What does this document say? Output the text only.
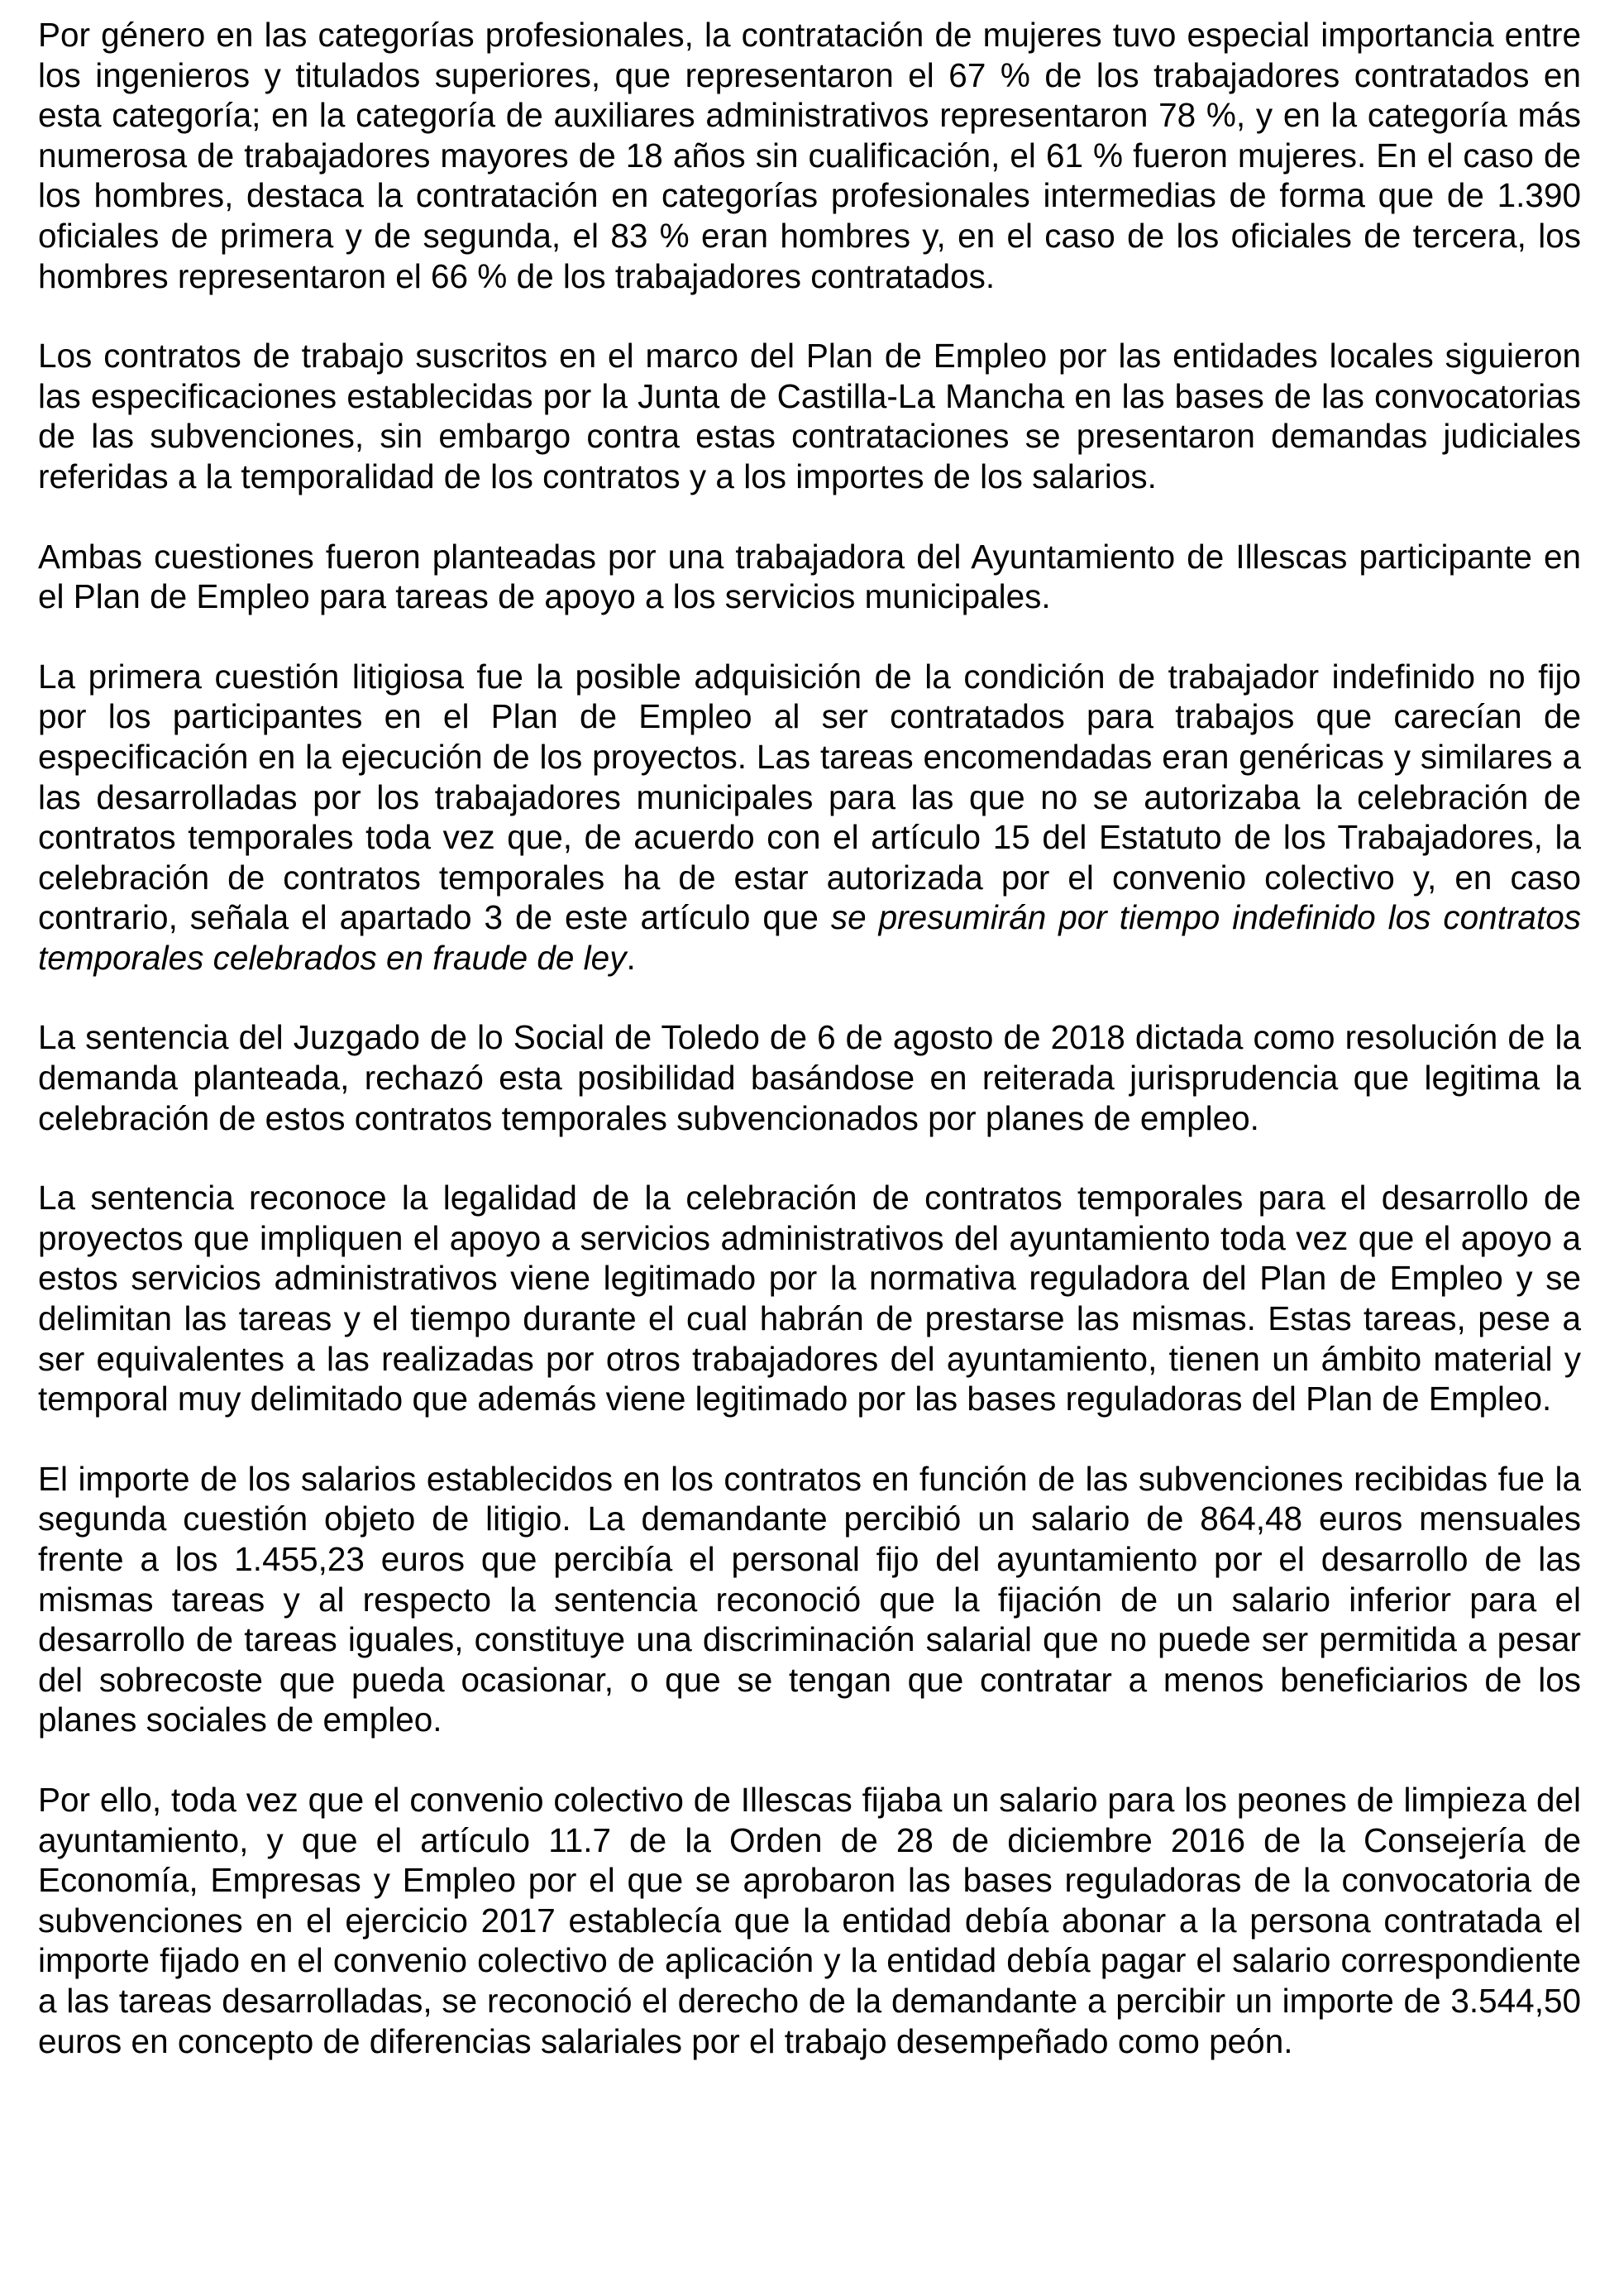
Por género en las categorías profesionales, la contratación de mujeres tuvo especial importancia entre los ingenieros y titulados superiores, que representaron el 67 % de los trabajadores contratados en esta categoría; en la categoría de auxiliares administrativos representaron 78 %, y en la categoría más numerosa de trabajadores mayores de 18 años sin cualificación, el 61 % fueron mujeres. En el caso de los hombres, destaca la contratación en categorías profesionales intermedias de forma que de 1.390 oficiales de primera y de segunda, el 83 % eran hombres y, en el caso de los oficiales de tercera, los hombres representaron el 66 % de los trabajadores contratados.

Los contratos de trabajo suscritos en el marco del Plan de Empleo por las entidades locales siguieron las especificaciones establecidas por la Junta de Castilla-La Mancha en las bases de las convocatorias de las subvenciones, sin embargo contra estas contrataciones se presentaron demandas judiciales referidas a la temporalidad de los contratos y a los importes de los salarios.

Ambas cuestiones fueron planteadas por una trabajadora del Ayuntamiento de Illescas participante en el Plan de Empleo para tareas de apoyo a los servicios municipales.

La primera cuestión litigiosa fue la posible adquisición de la condición de trabajador indefinido no fijo por los participantes en el Plan de Empleo al ser contratados para trabajos que carecían de especificación en la ejecución de los proyectos. Las tareas encomendadas eran genéricas y similares a las desarrolladas por los trabajadores municipales para las que no se autorizaba la celebración de contratos temporales toda vez que, de acuerdo con el artículo 15 del Estatuto de los Trabajadores, la celebración de contratos temporales ha de estar autorizada por el convenio colectivo y, en caso contrario, señala el apartado 3 de este artículo que se presumirán por tiempo indefinido los contratos temporales celebrados en fraude de ley.

La sentencia del Juzgado de lo Social de Toledo de 6 de agosto de 2018 dictada como resolución de la demanda planteada, rechazó esta posibilidad basándose en reiterada jurisprudencia que legitima la celebración de estos contratos temporales subvencionados por planes de empleo.

La sentencia reconoce la legalidad de la celebración de contratos temporales para el desarrollo de proyectos que impliquen el apoyo a servicios administrativos del ayuntamiento toda vez que el apoyo a estos servicios administrativos viene legitimado por la normativa reguladora del Plan de Empleo y se delimitan las tareas y el tiempo durante el cual habrán de prestarse las mismas. Estas tareas, pese a ser equivalentes a las realizadas por otros trabajadores del ayuntamiento, tienen un ámbito material y temporal muy delimitado que además viene legitimado por las bases reguladoras del Plan de Empleo.

El importe de los salarios establecidos en los contratos en función de las subvenciones recibidas fue la segunda cuestión objeto de litigio. La demandante percibió un salario de 864,48 euros mensuales frente a los 1.455,23 euros que percibía el personal fijo del ayuntamiento por el desarrollo de las mismas tareas y al respecto la sentencia reconoció que la fijación de un salario inferior para el desarrollo de tareas iguales, constituye una discriminación salarial que no puede ser permitida a pesar del sobrecoste que pueda ocasionar, o que se tengan que contratar a menos beneficiarios de los planes sociales de empleo.

Por ello, toda vez que el convenio colectivo de Illescas fijaba un salario para los peones de limpieza del ayuntamiento, y que el artículo 11.7 de la Orden de 28 de diciembre 2016 de la Consejería de Economía, Empresas y Empleo por el que se aprobaron las bases reguladoras de la convocatoria de subvenciones en el ejercicio 2017 establecía que la entidad debía abonar a la persona contratada el importe fijado en el convenio colectivo de aplicación y la entidad debía pagar el salario correspondiente a las tareas desarrolladas, se reconoció el derecho de la demandante a percibir un importe de 3.544,50 euros en concepto de diferencias salariales por el trabajo desempeñado como peón.
